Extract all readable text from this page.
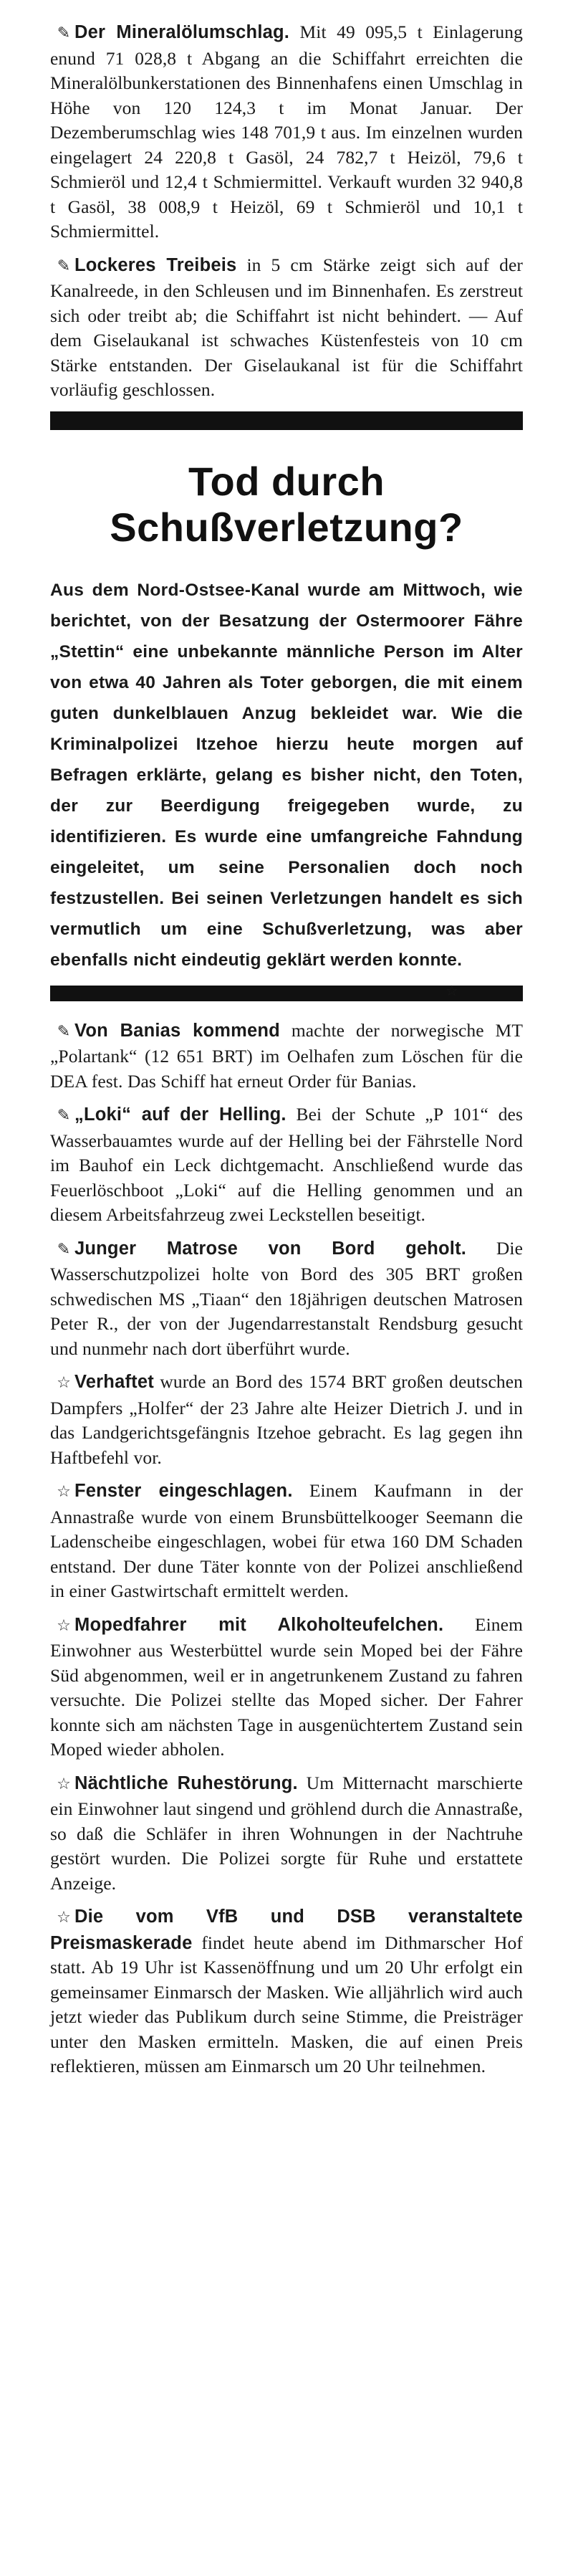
✎ Der Mineralölumschlag. Mit 49 095,5 t Einlagerung enund 71 028,8 t Abgang an die Schiffahrt erreichten die Mineralölbunkerstationen des Binnenhafens einen Umschlag in Höhe von 120 124,3 t im Monat Januar. Der Dezemberumschlag wies 148 701,9 t aus. Im einzelnen wurden eingelagert 24 220,8 t Gasöl, 24 782,7 t Heizöl, 79,6 t Schmieröl und 12,4 t Schmiermittel. Verkauft wurden 32 940,8 t Gasöl, 38 008,9 t Heizöl, 69 t Schmieröl und 10,1 t Schmiermittel.

✎ Lockeres Treibeis in 5 cm Stärke zeigt sich auf der Kanalreede, in den Schleusen und im Binnenhafen. Es zerstreut sich oder treibt ab; die Schiffahrt ist nicht behindert. — Auf dem Giselaukanal ist schwaches Küstenfesteis von 10 cm Stärke entstanden. Der Giselaukanal ist für die Schiffahrt vorläufig geschlossen.

Tod durch
Schußverletzung?

Aus dem Nord-Ostsee-Kanal wurde am Mittwoch, wie berichtet, von der Besatzung der Ostermoorer Fähre „Stettin“ eine unbekannte männliche Person im Alter von etwa 40 Jahren als Toter geborgen, die mit einem guten dunkelblauen Anzug bekleidet war. Wie die Kriminalpolizei Itzehoe hierzu heute morgen auf Befragen erklärte, gelang es bisher nicht, den Toten, der zur Beerdigung freigegeben wurde, zu identifizieren. Es wurde eine umfangreiche Fahndung eingeleitet, um seine Personalien doch noch festzustellen. Bei seinen Verletzungen handelt es sich vermutlich um eine Schußverletzung, was aber ebenfalls nicht eindeutig geklärt werden konnte.
☆

✎ Von Banias kommend machte der norwegische MT „Polartank“ (12 651 BRT) im Oelhafen zum Löschen für die DEA fest. Das Schiff hat erneut Order für Banias.

✎ „Loki“ auf der Helling. Bei der Schute „P 101“ des Wasserbauamtes wurde auf der Helling bei der Fährstelle Nord im Bauhof ein Leck dichtgemacht. Anschließend wurde das Feuerlöschboot „Loki“ auf die Helling genommen und an diesem Arbeitsfahrzeug zwei Leckstellen beseitigt.

✎ Junger Matrose von Bord geholt. Die Wasserschutzpolizei holte von Bord des 305 BRT großen schwedischen MS „Tiaan“ den 18jährigen deutschen Matrosen Peter R., der von der Jugendarrestanstalt Rendsburg gesucht und nunmehr nach dort überführt wurde.

☆ Verhaftet wurde an Bord des 1574 BRT großen deutschen Dampfers „Holfer“ der 23 Jahre alte Heizer Dietrich J. und in das Landgerichtsgefängnis Itzehoe gebracht. Es lag gegen ihn Haftbefehl vor.

☆ Fenster eingeschlagen. Einem Kaufmann in der Annastraße wurde von einem Brunsbüttelkooger Seemann die Ladenscheibe eingeschlagen, wobei für etwa 160 DM Schaden entstand. Der dune Täter konnte von der Polizei anschließend in einer Gastwirtschaft ermittelt werden.

☆ Mopedfahrer mit Alkoholteufelchen. Einem Einwohner aus Westerbüttel wurde sein Moped bei der Fähre Süd abgenommen, weil er in angetrunkenem Zustand zu fahren versuchte. Die Polizei stellte das Moped sicher. Der Fahrer konnte sich am nächsten Tage in ausgenüchtertem Zustand sein Moped wieder abholen.

☆ Nächtliche Ruhestörung. Um Mitternacht marschierte ein Einwohner laut singend und gröhlend durch die Annastraße, so daß die Schläfer in ihren Wohnungen in der Nachtruhe gestört wurden. Die Polizei sorgte für Ruhe und erstattete Anzeige.

☆ Die vom VfB und DSB veranstaltete Preismaskerade findet heute abend im Dithmarscher Hof statt. Ab 19 Uhr ist Kassenöffnung und um 20 Uhr erfolgt ein gemeinsamer Einmarsch der Masken. Wie alljährlich wird auch jetzt wieder das Publikum durch seine Stimme, die Preisträger unter den Masken ermitteln. Masken, die auf einen Preis reflektieren, müssen am Einmarsch um 20 Uhr teilnehmen.
